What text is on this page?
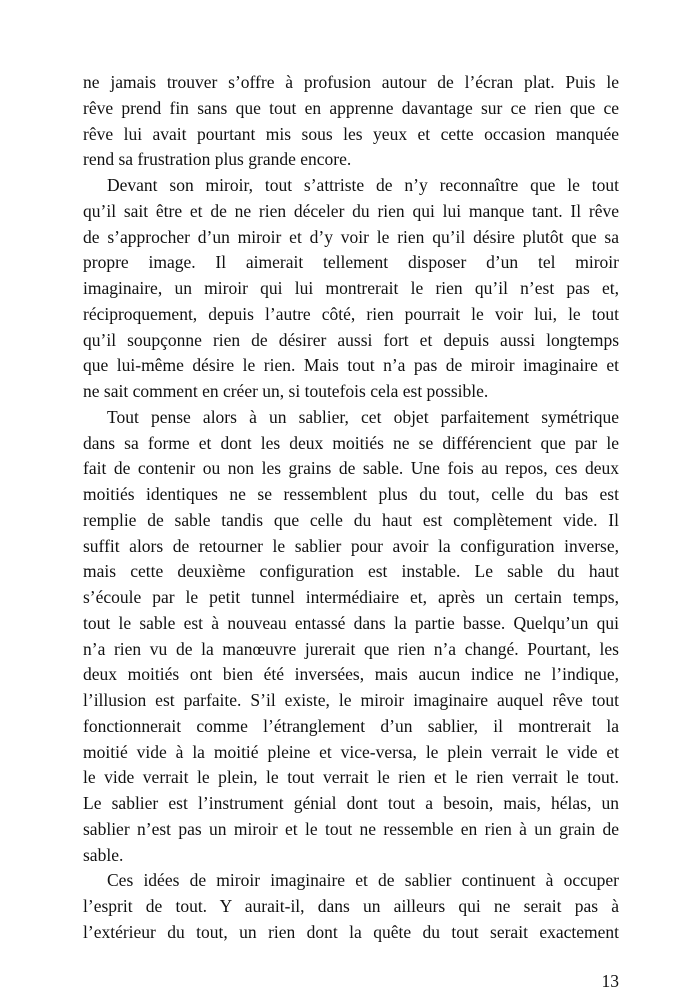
ne jamais trouver s’offre à profusion autour de l’écran plat. Puis le
rêve prend fin sans que tout en apprenne davantage sur ce rien que ce
rêve lui avait pourtant mis sous les yeux et cette occasion manquée
rend sa frustration plus grande encore.
Devant son miroir, tout s’attriste de n’y reconnaître que le tout
qu’il sait être et de ne rien déceler du rien qui lui manque tant. Il rêve
de s’approcher d’un miroir et d’y voir le rien qu’il désire plutôt que sa
propre image. Il aimerait tellement disposer d’un tel miroir
imaginaire, un miroir qui lui montrerait le rien qu’il n’est pas et,
réciproquement, depuis l’autre côté, rien pourrait le voir lui, le tout
qu’il soupçonne rien de désirer aussi fort et depuis aussi longtemps
que lui-même désire le rien. Mais tout n’a pas de miroir imaginaire et
ne sait comment en créer un, si toutefois cela est possible.
Tout pense alors à un sablier, cet objet parfaitement symétrique
dans sa forme et dont les deux moitiés ne se différencient que par le
fait de contenir ou non les grains de sable. Une fois au repos, ces deux
moitiés identiques ne se ressemblent plus du tout, celle du bas est
remplie de sable tandis que celle du haut est complètement vide. Il
suffit alors de retourner le sablier pour avoir la configuration inverse,
mais cette deuxième configuration est instable. Le sable du haut
s’écoule par le petit tunnel intermédiaire et, après un certain temps,
tout le sable est à nouveau entassé dans la partie basse. Quelqu’un qui
n’a rien vu de la manœuvre jurerait que rien n’a changé. Pourtant, les
deux moitiés ont bien été inversées, mais aucun indice ne l’indique,
l’illusion est parfaite. S’il existe, le miroir imaginaire auquel rêve tout
fonctionnerait comme l’étranglement d’un sablier, il montrerait la
moitié vide à la moitié pleine et vice-versa, le plein verrait le vide et
le vide verrait le plein, le tout verrait le rien et le rien verrait le tout.
Le sablier est l’instrument génial dont tout a besoin, mais, hélas, un
sablier n’est pas un miroir et le tout ne ressemble en rien à un grain de
sable.
Ces idées de miroir imaginaire et de sablier continuent à occuper
l’esprit de tout. Y aurait-il, dans un ailleurs qui ne serait pas à
l’extérieur du tout, un rien dont la quête du tout serait exactement
13
